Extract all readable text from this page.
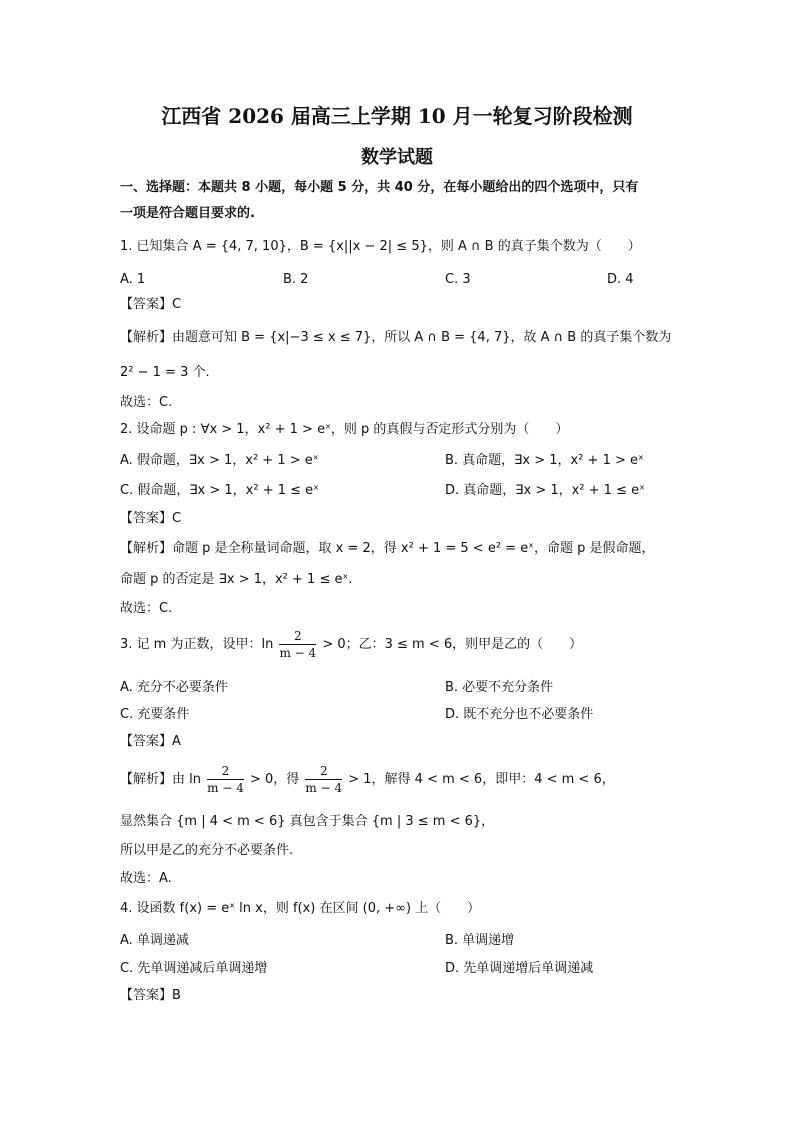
江西省 2026 届高三上学期 10 月一轮复习阶段检测
数学试题
一、选择题：本题共 8 小题，每小题 5 分，共 40 分，在每小题给出的四个选项中，只有
一项是符合题目要求的.
1. 已知集合 A = {4, 7, 10}，B = {x||x − 2| ≤ 5}，则 A ∩ B 的真子集个数为（　　）
A. 1	B. 2	C. 3	D. 4
【答案】C
【解析】由题意可知 B = {x|−3 ≤ x ≤ 7}，所以 A ∩ B = {4, 7}，故 A ∩ B 的真子集个数为
2² − 1 = 3 个.
故选：C.
2. 设命题 p : ∀x > 1，x² + 1 > eˣ，则 p 的真假与否定形式分别为（　　）
A. 假命题，∃x > 1，x² + 1 > eˣ	B. 真命题，∃x > 1，x² + 1 > eˣ
C. 假命题，∃x > 1，x² + 1 ≤ eˣ	D. 真命题，∃x > 1，x² + 1 ≤ eˣ
【答案】C
【解析】命题 p 是全称量词命题，取 x = 2，得 x² + 1 = 5 < e² = eˣ，命题 p 是假命题，
命题 p 的否定是 ∃x > 1，x² + 1 ≤ eˣ.
故选：C.
3. 记 m 为正数，设甲：$\ln \frac{2}{m - 4} > 0$；乙：3 ≤ m < 6，则甲是乙的（　　）
A. 充分不必要条件	B. 必要不充分条件
C. 充要条件	D. 既不充分也不必要条件
【答案】A
【解析】由 $\ln \frac{2}{m - 4} > 0$，得 $\frac{2}{m - 4} > 1$，解得 4 < m < 6，即甲：4 < m < 6，
显然集合 {m | 4 < m < 6} 真包含于集合 {m | 3 ≤ m < 6}，
所以甲是乙的充分不必要条件.
故选：A.
4. 设函数 f(x) = eˣ ln x，则 f(x) 在区间 (0, +∞) 上（　　）
A. 单调递减	B. 单调递增
C. 先单调递减后单调递增	D. 先单调递增后单调递减
【答案】B
